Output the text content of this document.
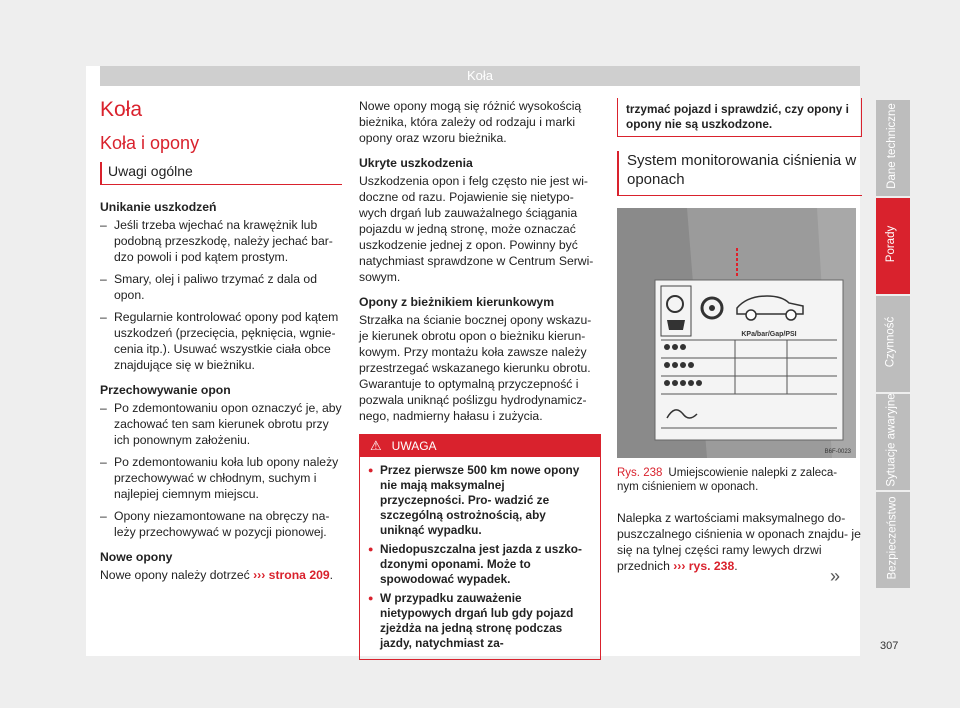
Koła
Koła
Koła i opony
Uwagi ogólne
Unikanie uszkodzeń
– Jeśli trzeba wjechać na krawężnik lub podobną przeszkodę, należy jechać bar- dzo powoli i pod kątem prostym.
– Smary, olej i paliwo trzymać z dala od opon.
– Regularnie kontrolować opony pod kątem uszkodzeń (przecięcia, pęknięcia, wgnie- cenia itp.). Usuwać wszystkie ciała obce znajdujące się w bieżniku.
Przechowywanie opon
– Po zdemontowaniu opon oznaczyć je, aby zachować ten sam kierunek obrotu przy ich ponownym założeniu.
– Po zdemontowaniu koła lub opony należy przechowywać w chłodnym, suchym i najlepiej ciemnym miejscu.
– Opony niezamontowane na obręczy na- leży przechowywać w pozycji pionowej.
Nowe opony

Nowe opony należy dotrzeć ››› strona 209.

Nowe opony mogą się różnić wysokością bieżnika, która zależy od rodzaju i marki opony oraz wzoru bieżnika.

Ukryte uszkodzenia

Uszkodzenia opon i felg często nie jest wi- doczne od razu. Pojawienie się nietypo- wych drgań lub zauważalnego ściągania pojazdu w jedną stronę, może oznaczać uszkodzenie jednej z opon. Powinny być natychmiast sprawdzone w Centrum Serwi- sowym.

Opony z bieżnikiem kierunkowym

Strzałka na ścianie bocznej opony wskazu- je kierunek obrotu opon o bieżniku kierun- kowym. Przy montażu koła zawsze należy przestrzegać wskazanego kierunku obrotu. Gwarantuje to optymalną przyczepność i pozwala uniknąć poślizgu hydrodynamicz- nego, nadmierny hałasu i zużycia.

⚠ UWAGA
● Przez pierwsze 500 km nowe opony nie mają maksymalnej przyczepności. Pro- wadzić ze szczególną ostrożnością, aby uniknąć wypadku.
● Niedopuszczalna jest jazda z uszko- dzonymi oponami. Może to spowodować wypadek.
● W przypadku zauważenie nietypowych drgań lub gdy pojazd zjeżdża na jedną stronę podczas jazdy, natychmiast za-
trzymać pojazd i sprawdzić, czy opony i opony nie są uszkodzone.
System monitorowania ciśnienia w oponach
KPa/bar/Gap/PSI
B6F-0023
Rys. 238 Umiejscowienie nalepki z zaleca- nym ciśnieniem w oponach.

Nalepka z wartościami maksymalnego do- puszczalnego ciśnienia w oponach znajdu- je się na tylnej części ramy lewych drzwi przednich ››› rys. 238.	»
Dane techniczne
Porady
Czynność
Sytuacje awaryjne
Bezpieczeństwo
307
